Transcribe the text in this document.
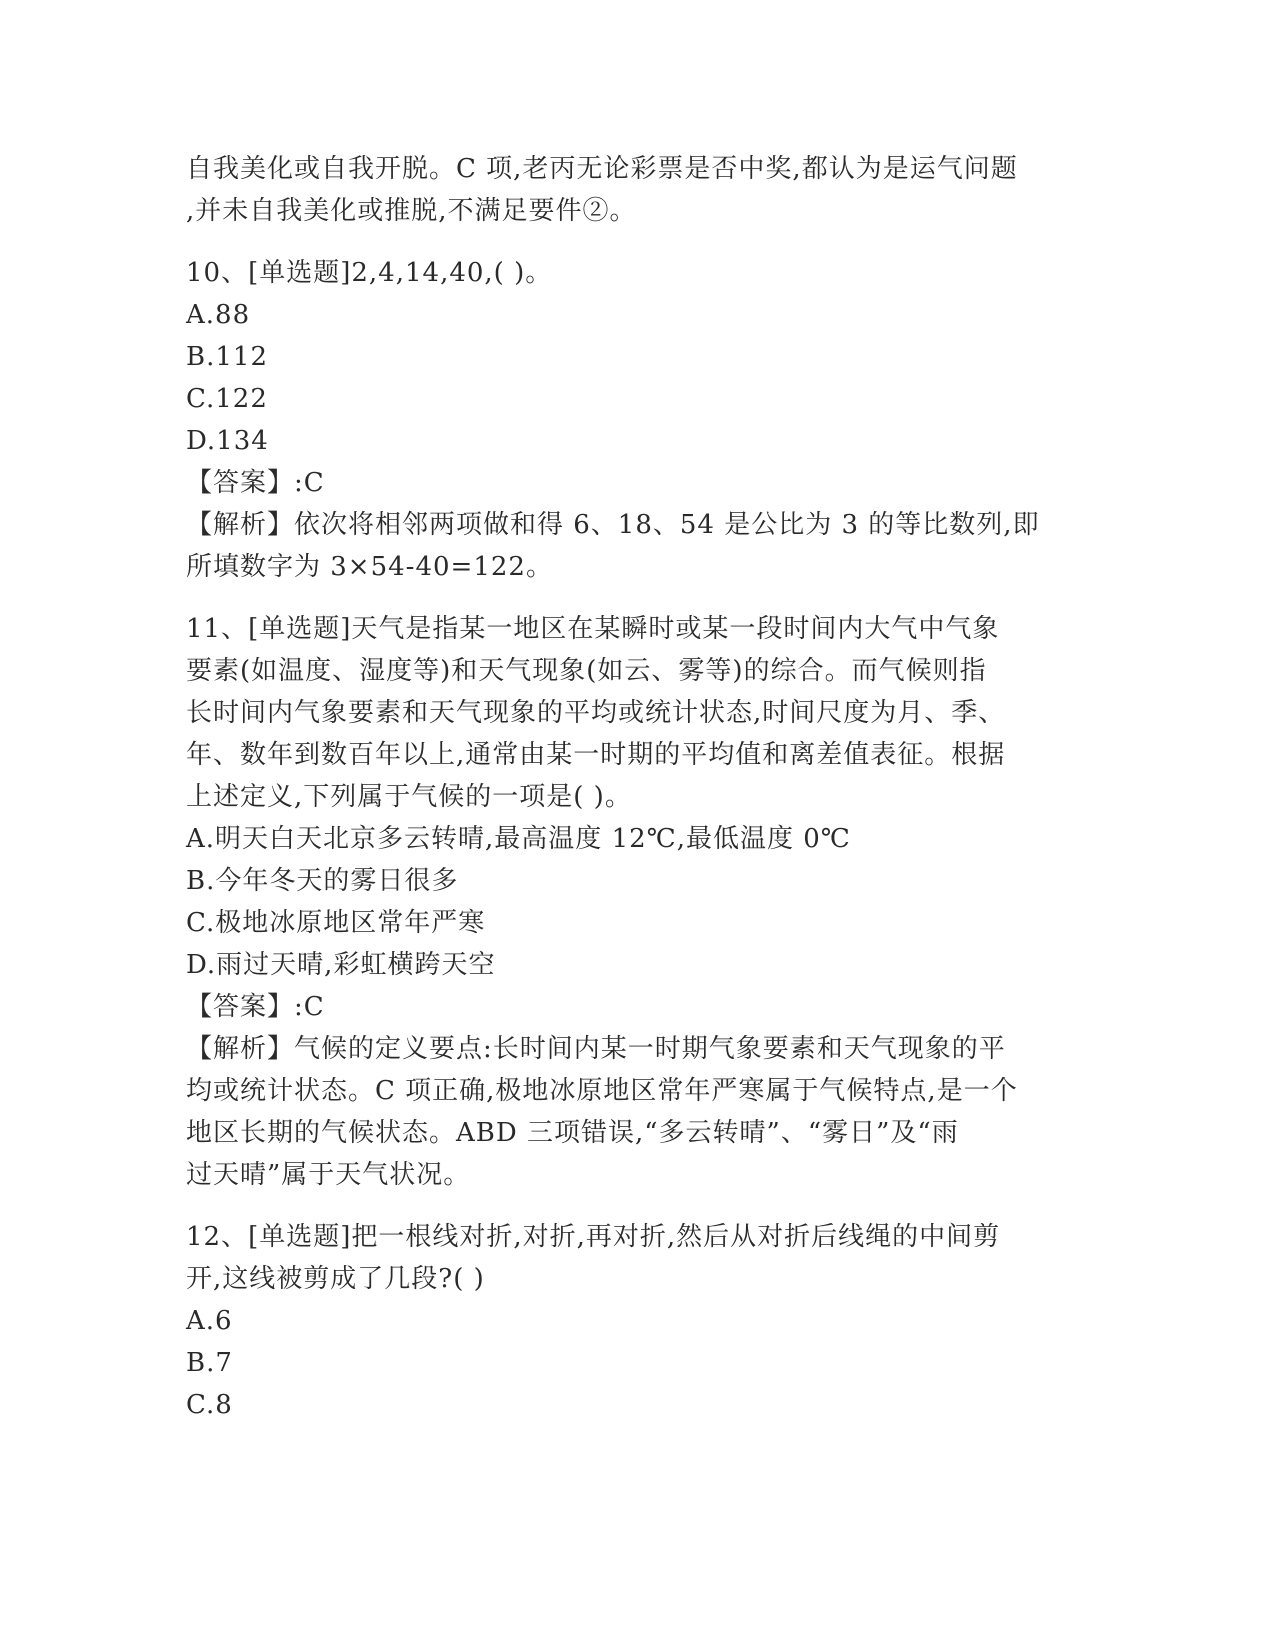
自我美化或自我开脱。C 项,老丙无论彩票是否中奖,都认为是运气问题
,并未自我美化或推脱,不满足要件②。
10、[单选题]2,4,14,40,( )。
A.88
B.112
C.122
D.134
【答案】:C
【解析】依次将相邻两项做和得 6、18、54 是公比为 3 的等比数列,即
所填数字为 3×54-40=122。
11、[单选题]天气是指某一地区在某瞬时或某一段时间内大气中气象
要素(如温度、湿度等)和天气现象(如云、雾等)的综合。而气候则指
长时间内气象要素和天气现象的平均或统计状态,时间尺度为月、季、
年、数年到数百年以上,通常由某一时期的平均值和离差值表征。根据
上述定义,下列属于气候的一项是( )。
A.明天白天北京多云转晴,最高温度 12℃,最低温度 0℃
B.今年冬天的雾日很多
C.极地冰原地区常年严寒
D.雨过天晴,彩虹横跨天空
【答案】:C
【解析】气候的定义要点:长时间内某一时期气象要素和天气现象的平
均或统计状态。C 项正确,极地冰原地区常年严寒属于气候特点,是一个
地区长期的气候状态。ABD 三项错误,“多云转晴”、“雾日”及“雨
过天晴”属于天气状况。
12、[单选题]把一根线对折,对折,再对折,然后从对折后线绳的中间剪
开,这线被剪成了几段?( )
A.6
B.7
C.8
